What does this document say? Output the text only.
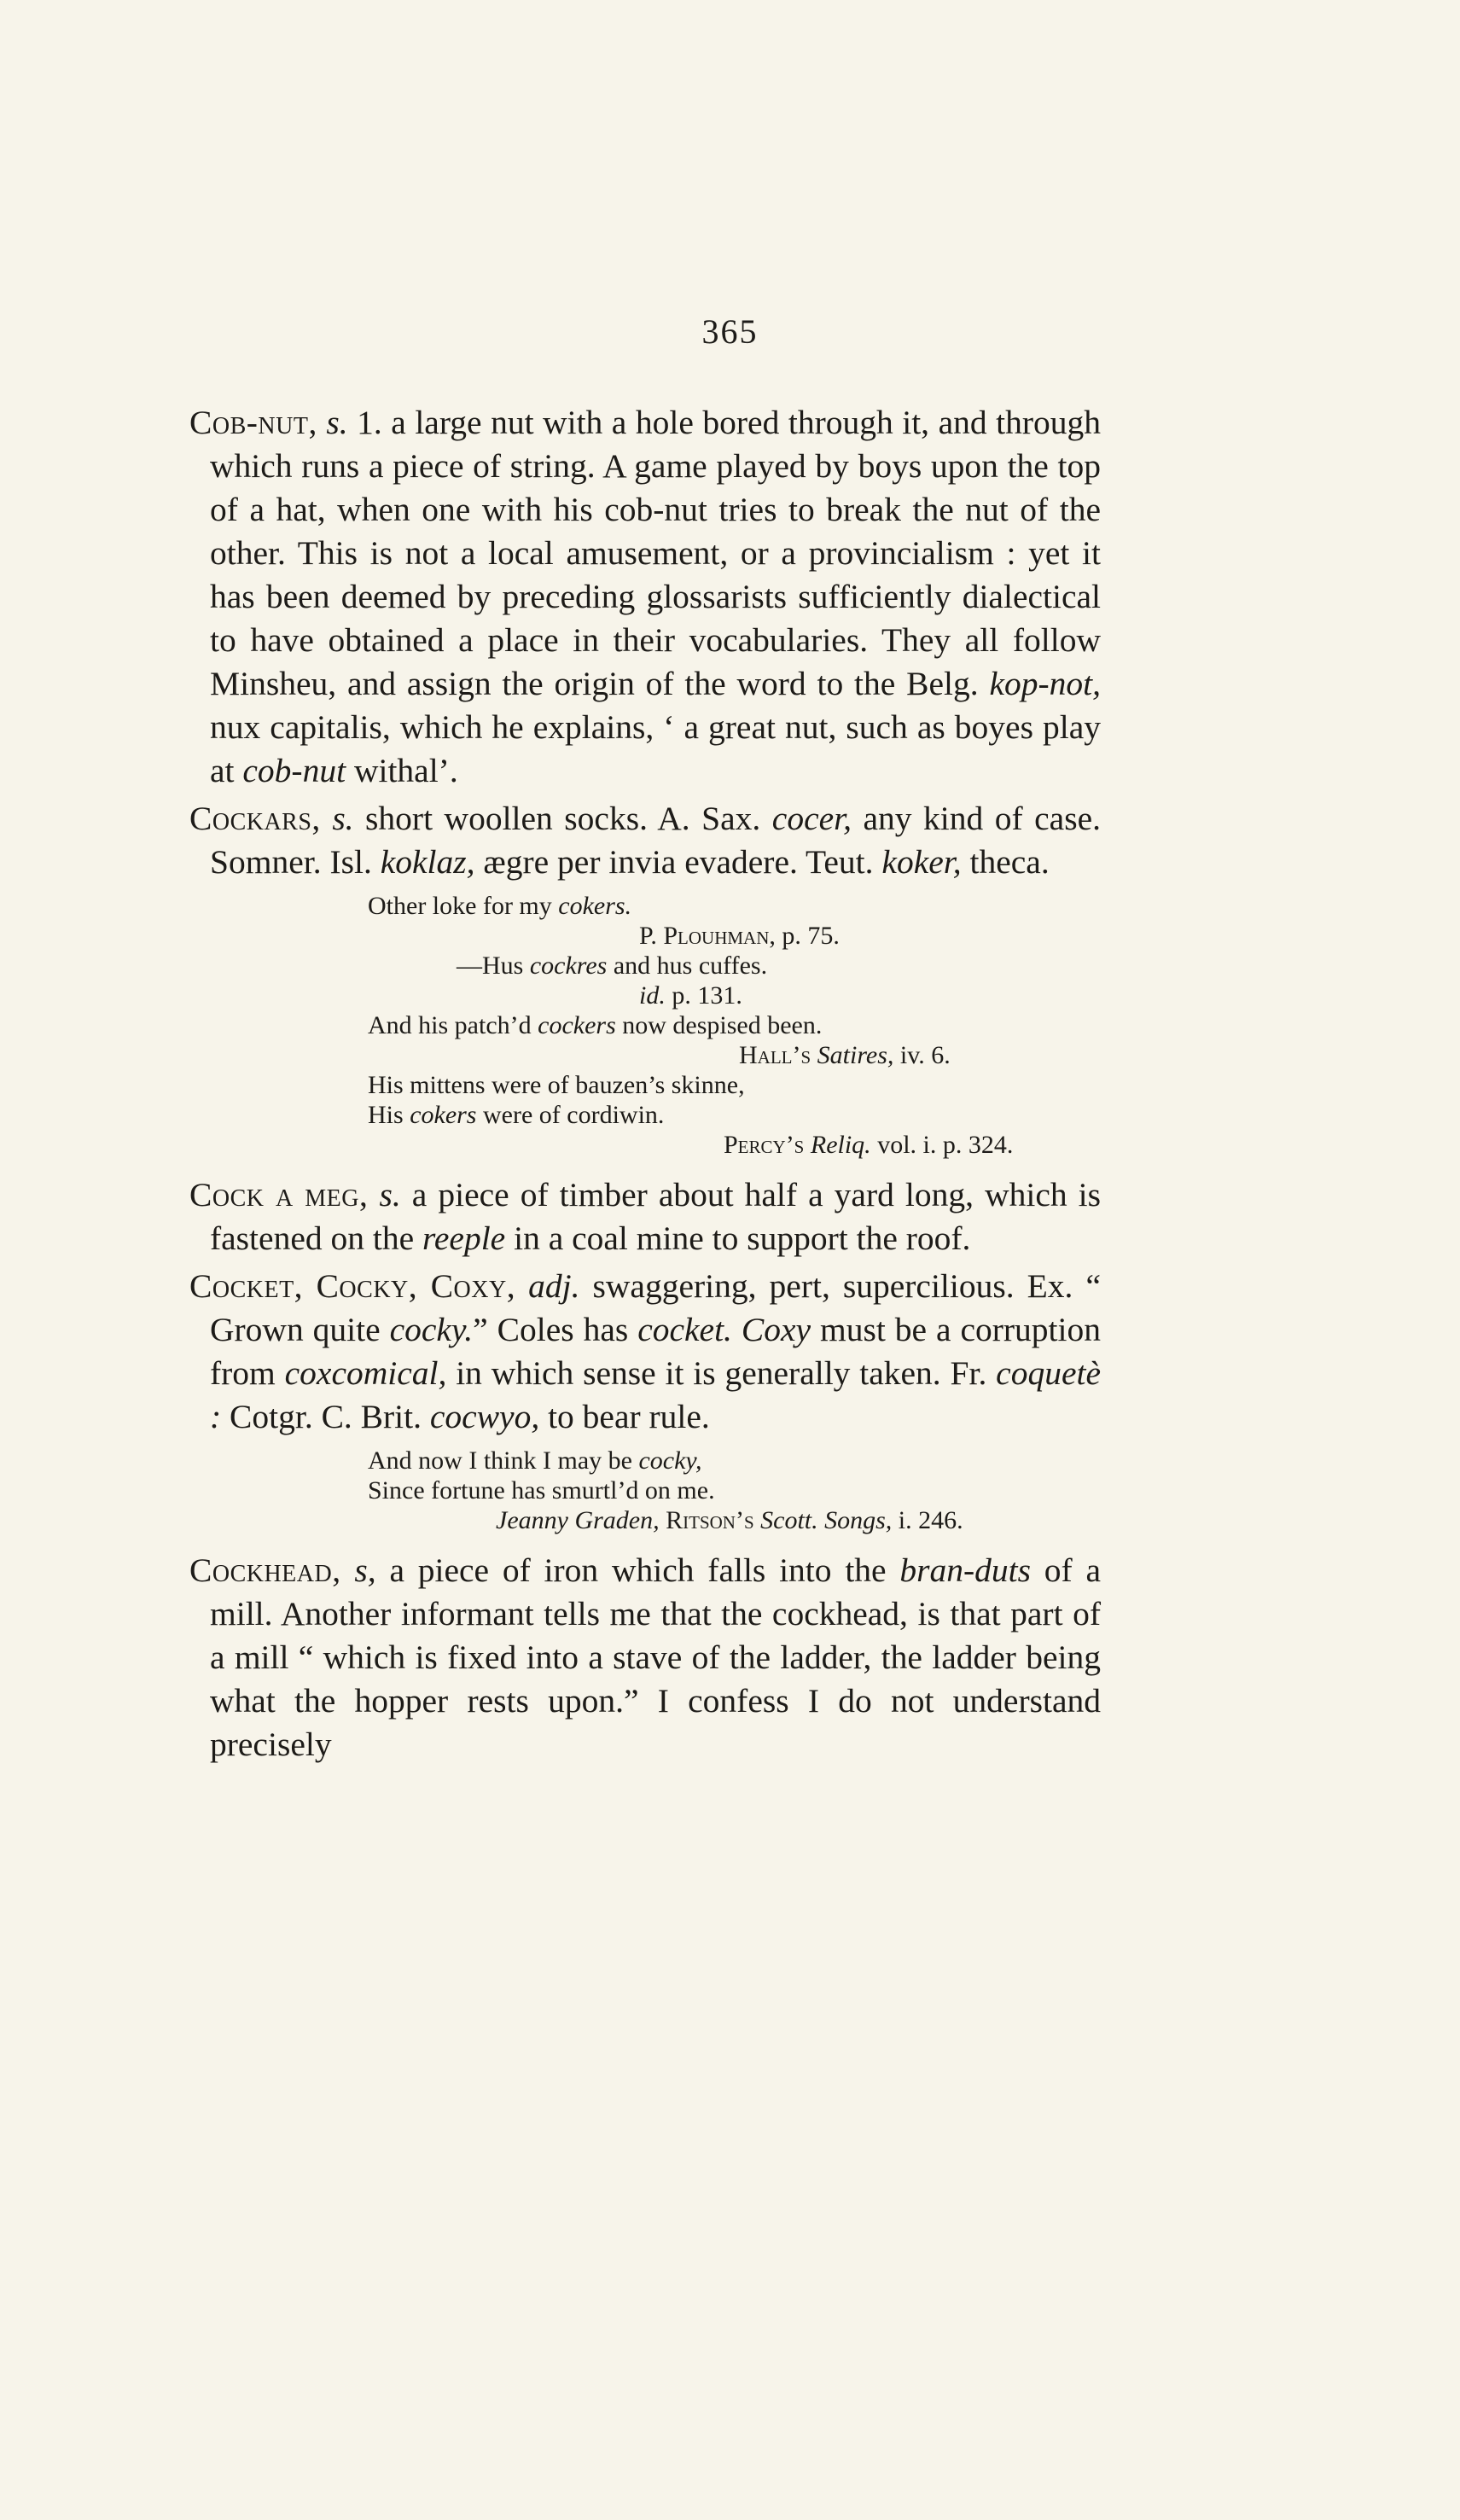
365

Cob-nut, s. 1. a large nut with a hole bored through it, and through which runs a piece of string. A game played by boys upon the top of a hat, when one with his cob-nut tries to break the nut of the other. This is not a local amusement, or a provincialism : yet it has been deemed by preceding glossarists sufficiently dialectical to have obtained a place in their vocabularies. They all follow Minsheu, and assign the origin of the word to the Belg. kop-not, nux capitalis, which he explains, ‘ a great nut, such as boyes play at cob-nut withal’.

Cockars, s. short woollen socks. A. Sax. cocer, any kind of case. Somner. Isl. koklaz, ægre per invia evadere. Teut. koker, theca.

Other loke for my cokers.
P. Plouhman, p. 75.
—Hus cockres and hus cuffes.
id. p. 131.
And his patch’d cockers now despised been.
Hall’s Satires, iv. 6.
His mittens were of bauzen’s skinne,
His cokers were of cordiwin.
Percy’s Reliq. vol. i. p. 324.

Cock a meg, s. a piece of timber about half a yard long, which is fastened on the reeple in a coal mine to support the roof.

Cocket, Cocky, Coxy, adj. swaggering, pert, supercilious. Ex. “ Grown quite cocky.” Coles has cocket. Coxy must be a corruption from coxcomical, in which sense it is generally taken. Fr. coquetè : Cotgr. C. Brit. cocwyo, to bear rule.

And now I think I may be cocky,
Since fortune has smurtl’d on me.
Jeanny Graden, Ritson’s Scott. Songs, i. 246.

Cockhead, s, a piece of iron which falls into the bran-duts of a mill. Another informant tells me that the cockhead, is that part of a mill “ which is fixed into a stave of the ladder, the ladder being what the hopper rests upon.” I confess I do not understand precisely
